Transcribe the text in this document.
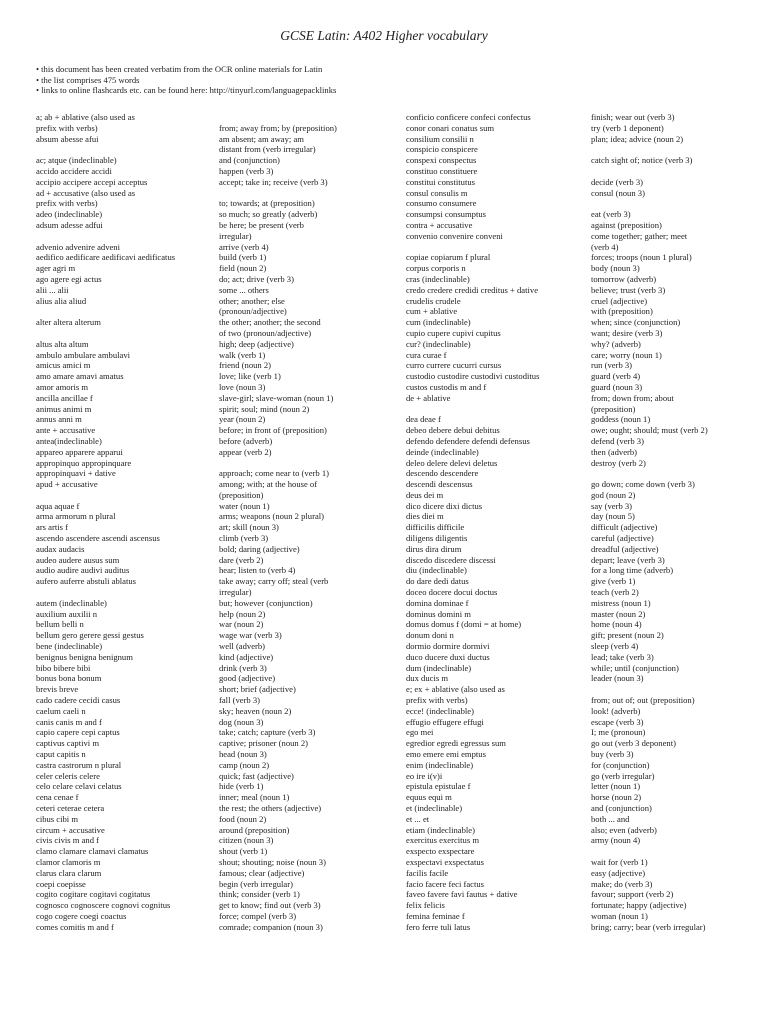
GCSE Latin: A402 Higher vocabulary
• this document has been created verbatim from the OCR online materials for Latin
• the list comprises 475 words
• links to online flashcards etc. can be found here: http://tinyurl.com/languagepacklinks
a; ab + ablative (also used as
prefix with verbs)
absum abesse afui
ac; atque (indeclinable)
accido accidere accidi
accipio accipere accepi acceptus
ad + accusative (also used as
prefix with verbs)
adeo (indeclinable)
adsum adesse adfui
advenio advenire adveni
aedifico aedificare aedificavi aedificatus
ager agri m
ago agere egi actus
alii ... alii
alius alia aliud
alter altera alterum
altus alta altum
ambulo ambulare ambulavi
amicus amici m
amo amare amavi amatus
amor amoris m
ancilla ancillae f
animus animi m
annus anni m
ante + accusative
antea(indeclinable)
appareo apparere apparui
appropinquo appropinquare
appropinquavi + dative
apud + accusative
aqua aquae f
arma armorum n plural
ars artis f
ascendo ascendere ascendi ascensus
audax audacis
audeo audere ausus sum
audio audire audivi auditus
aufero auferre abstuli ablatus
autem (indeclinable)
auxilium auxilii n
bellum belli n
bellum gero gerere gessi gestus
bene (indeclinable)
benignus benigna benignum
bibo bibere bibi
bonus bona bonum
brevis breve
cado cadere cecidi casus
caelum caeli n
canis canis m and f
capio capere cepi captus
captivus captivi m
caput capitis n
castra castrorum n plural
celer celeris celere
celo celare celavi celatus
cena cenae f
ceteri ceterae cetera
cibus cibi m
circum + accusative
civis civis m and f
clamo clamare clamavi clamatus
clamor clamoris m
clarus clara clarum
coepi coepisse
cogito cogitare cogitavi cogitatus
cognosco cognoscere cognovi cognitus
cogo cogere coegi coactus
comes comitis m and f
from; away from; by (preposition)
am absent; am away; am
distant from (verb irregular)
and (conjunction)
happen (verb 3)
accept; take in; receive (verb 3)
to; towards; at (preposition)
so much; so greatly (adverb)
be here; be present (verb
irregular)
arrive (verb 4)
build (verb 1)
field (noun 2)
do; act; drive (verb 3)
some ... others
other; another; else
(pronoun/adjective)
the other; another; the second
of two (pronoun/adjective)
high; deep (adjective)
walk (verb 1)
friend (noun 2)
love; like (verb 1)
love (noun 3)
slave-girl; slave-woman (noun 1)
spirit; soul; mind (noun 2)
year (noun 2)
before; in front of (preposition)
before (adverb)
appear (verb 2)
approach; come near to (verb 1)
among; with; at the house of
(preposition)
water (noun 1)
arms; weapons (noun 2 plural)
art; skill (noun 3)
climb (verb 3)
bold; daring (adjective)
dare (verb 2)
hear; listen to (verb 4)
take away; carry off; steal (verb
irregular)
but; however (conjunction)
help (noun 2)
war (noun 2)
wage war (verb 3)
well (adverb)
kind (adjective)
drink (verb 3)
good (adjective)
short; brief (adjective)
fall (verb 3)
sky; heaven (noun 2)
dog (noun 3)
take; catch; capture (verb 3)
captive; prisoner (noun 2)
head (noun 3)
camp (noun 2)
quick; fast (adjective)
hide (verb 1)
inner; meal (noun 1)
the rest; the others (adjective)
food (noun 2)
around (preposition)
citizen (noun 3)
shout (verb 1)
shout; shouting; noise (noun 3)
famous; clear (adjective)
begin (verb irregular)
think; consider (verb 1)
get to know; find out (verb 3)
force; compel (verb 3)
comrade; companion (noun 3)
conficio conficere confeci confectus
conor conari conatus sum
consilium consilii n
conspicio conspicere
conspexi conspectus
constituo constituere
constitui constitutus
consul consulis m
consumo consumere
consumpsi consumptus
contra + accusative
convenio convenire conveni
copiae copiarum f plural
corpus corporis n
cras (indeclinable)
credo credere credidi creditus + dative
crudelis crudele
cum + ablative
cum (indeclinable)
cupio cupere cupivi cupitus
cur? (indeclinable)
cura curae f
curro currere cucurri cursus
custodio custodire custodivi custoditus
custos custodis m and f
de + ablative
dea deae f
debeo debere debui debitus
defendo defendere defendi defensus
deinde (indeclinable)
deleo delere delevi deletus
descendo descendere
descendi descensus
deus dei m
dico dicere dixi dictus
dies diei m
difficilis difficile
diligens diligentis
dirus dira dirum
discedo discedere discessi
diu (indeclinable)
do dare dedi datus
doceo docere docui doctus
domina dominae f
dominus domini m
domus domus f (domi = at home)
donum doni n
dormio dormire dormivi
duco ducere duxi ductus
dum (indeclinable)
dux ducis m
e; ex + ablative (also used as
prefix with verbs)
ecce! (indeclinable)
effugio effugere effugi
ego mei
egredior egredi egressus sum
emo emere emi emptus
enim (indeclinable)
eo ire i(v)i
epistula epistulae f
equus equi m
et (indeclinable)
et ... et
etiam (indeclinable)
exercitus exercitus m
exspecto exspectare
exspectavi exspectatus
facilis facile
facio facere feci factus
faveo favere favi fautus + dative
felix felicis
femina feminae f
fero ferre tuli latus
finish; wear out (verb 3)
try (verb 1 deponent)
plan; idea; advice (noun 2)
catch sight of; notice (verb 3)
decide (verb 3)
consul (noun 3)
eat (verb 3)
against (preposition)
come together; gather; meet
(verb 4)
forces; troops (noun 1 plural)
body (noun 3)
tomorrow (adverb)
believe; trust (verb 3)
cruel (adjective)
with (preposition)
when; since (conjunction)
want; desire (verb 3)
why? (adverb)
care; worry (noun 1)
run (verb 3)
guard (verb 4)
guard (noun 3)
from; down from; about
(preposition)
goddess (noun 1)
owe; ought; should; must (verb 2)
defend (verb 3)
then (adverb)
destroy (verb 2)
go down; come down (verb 3)
god (noun 2)
say (verb 3)
day (noun 5)
difficult (adjective)
careful (adjective)
dreadful (adjective)
depart; leave (verb 3)
for a long time (adverb)
give (verb 1)
teach (verb 2)
mistress (noun 1)
master (noun 2)
home (noun 4)
gift; present (noun 2)
sleep (verb 4)
lead; take (verb 3)
while; until (conjunction)
leader (noun 3)
from; out of; out (preposition)
look! (adverb)
escape (verb 3)
I; me (pronoun)
go out (verb 3 deponent)
buy (verb 3)
for (conjunction)
go (verb irregular)
letter (noun 1)
horse (noun 2)
and (conjunction)
both ... and
also; even (adverb)
army (noun 4)
wait for (verb 1)
easy (adjective)
make; do (verb 3)
favour; support (verb 2)
fortunate; happy (adjective)
woman (noun 1)
bring; carry; bear (verb irregular)
